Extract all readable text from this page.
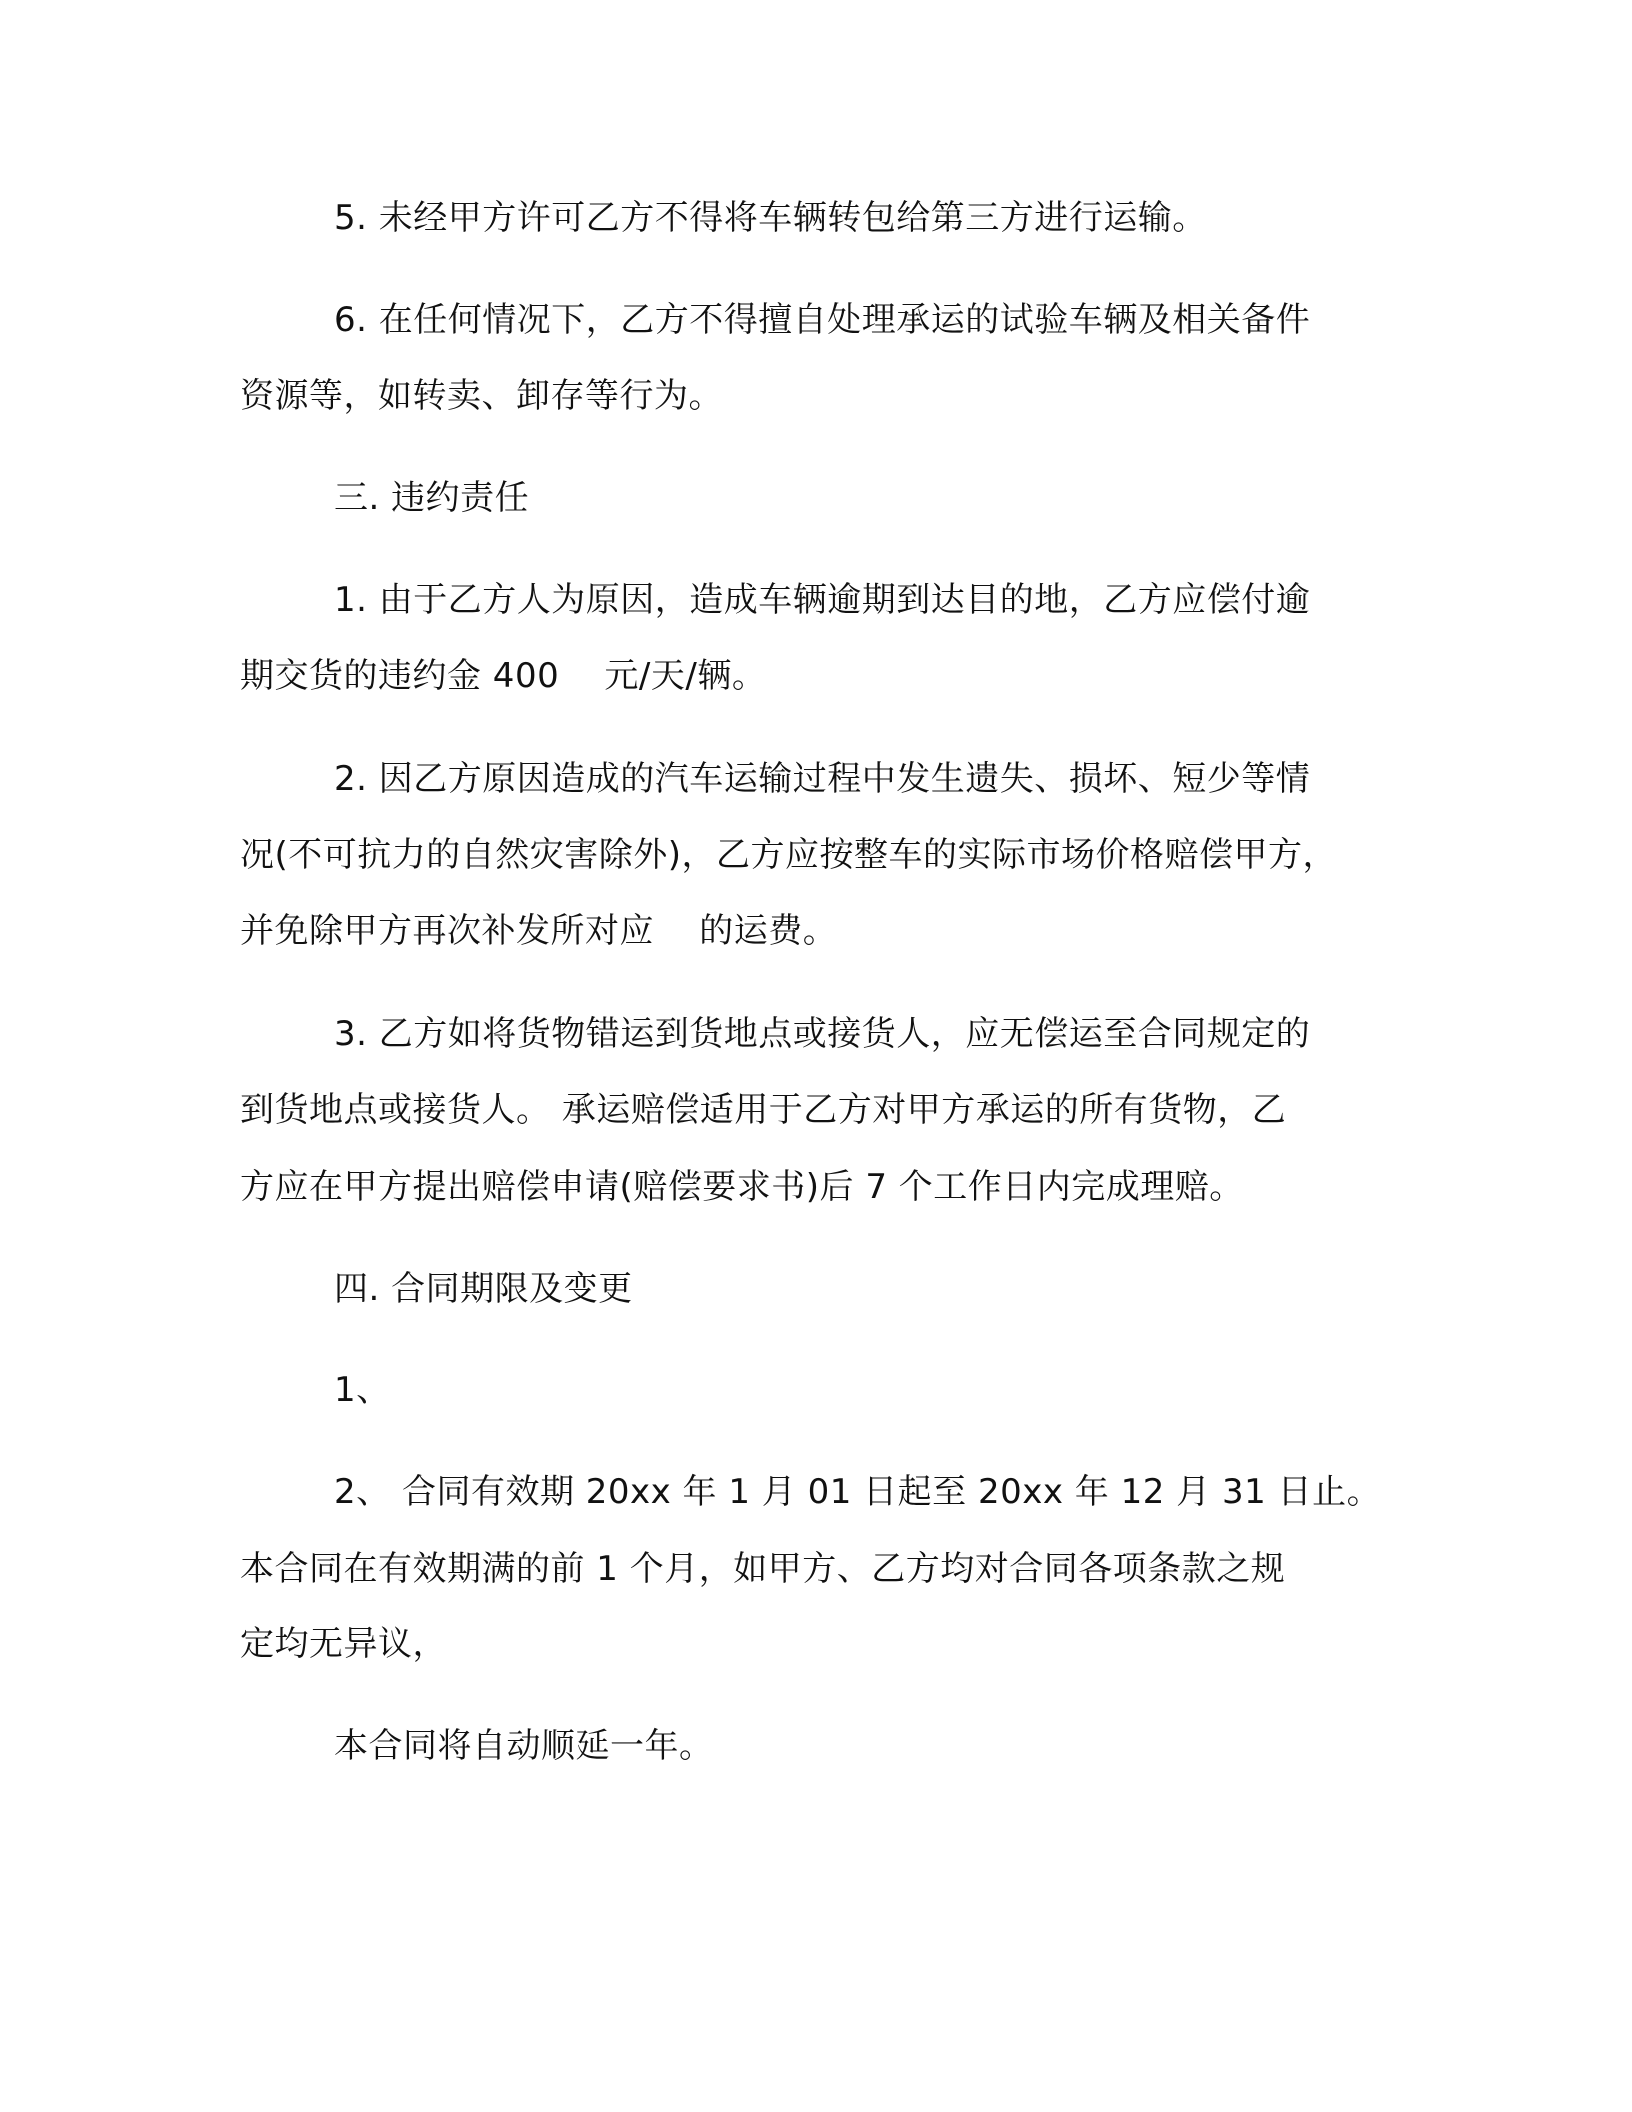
5. 未经甲方许可乙方不得将车辆转包给第三方进行运输。
6. 在任何情况下，乙方不得擅自处理承运的试验车辆及相关备件
资源等，如转卖、卸存等行为。
三. 违约责任
1. 由于乙方人为原因，造成车辆逾期到达目的地，乙方应偿付逾
期交货的违约金 400    元/天/辆。
2. 因乙方原因造成的汽车运输过程中发生遗失、损坏、短少等情
况(不可抗力的自然灾害除外)，乙方应按整车的实际市场价格赔偿甲方，
并免除甲方再次补发所对应    的运费。
3. 乙方如将货物错运到货地点或接货人，应无偿运至合同规定的
到货地点或接货人。 承运赔偿适用于乙方对甲方承运的所有货物，乙
方应在甲方提出赔偿申请(赔偿要求书)后 7 个工作日内完成理赔。
四. 合同期限及变更
1、
2、 合同有效期 20xx 年 1 月 01 日起至 20xx 年 12 月 31 日止。
本合同在有效期满的前 1 个月，如甲方、乙方均对合同各项条款之规
定均无异议，
本合同将自动顺延一年。
